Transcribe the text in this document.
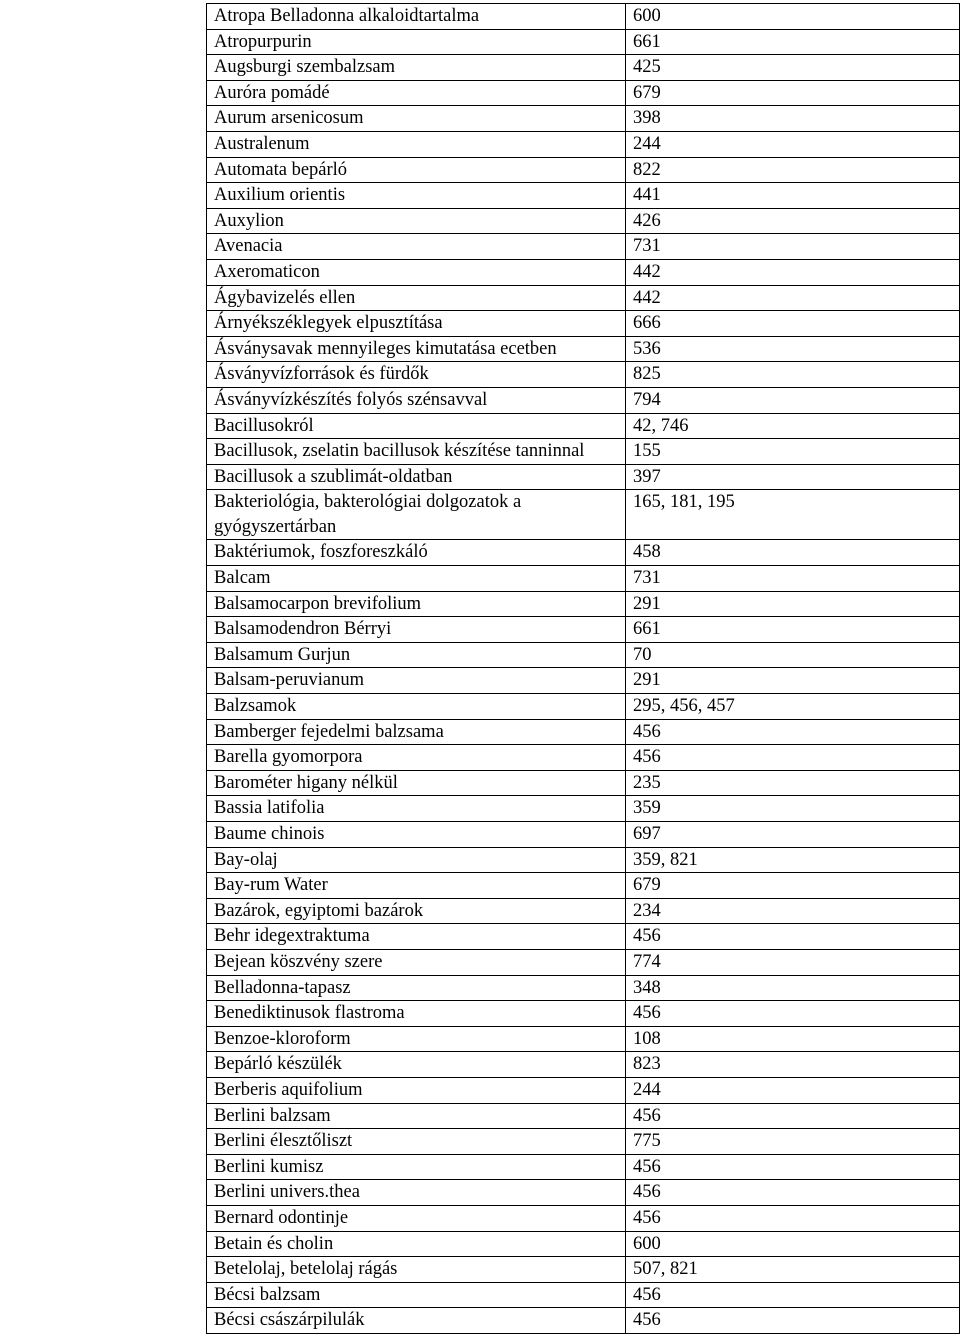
Atropa Belladonna alkaloidtartalma	600
Atropurpurin	661
Augsburgi szembalzsam	425
Auróra pomádé	679
Aurum arsenicosum	398
Australenum	244
Automata bepárló	822
Auxilium orientis	441
Auxylion	426
Avenacia	731
Axeromaticon	442
Ágybavizelés ellen	442
Árnyékszéklegyek elpusztítása	666
Ásványsavak mennyileges kimutatása ecetben	536
Ásványvízforrások és fürdők	825
Ásványvízkészítés folyós szénsavval	794
Bacillusokról	42, 746
Bacillusok, zselatin bacillusok készítése tanninnal	155
Bacillusok a szublimát-oldatban	397
Bakteriológia, bakterológiai dolgozatok a gyógyszertárban	165, 181, 195
Baktériumok, foszforeszkáló	458
Balcam	731
Balsamocarpon brevifolium	291
Balsamodendron Bérryi	661
Balsamum Gurjun	70
Balsam-peruvianum	291
Balzsamok	295, 456, 457
Bamberger fejedelmi balzsama	456
Barella gyomorpora	456
Barométer higany nélkül	235
Bassia latifolia	359
Baume chinois	697
Bay-olaj	359, 821
Bay-rum Water	679
Bazárok, egyiptomi bazárok	234
Behr idegextraktuma	456
Bejean köszvény szere	774
Belladonna-tapasz	348
Benediktinusok flastroma	456
Benzoe-kloroform	108
Bepárló készülék	823
Berberis aquifolium	244
Berlini balzsam	456
Berlini élesztőliszt	775
Berlini kumisz	456
Berlini univers.thea	456
Bernard odontinje	456
Betain és cholin	600
Betelolaj, betelolaj rágás	507, 821
Bécsi balzsam	456
Bécsi császárpilulák	456
